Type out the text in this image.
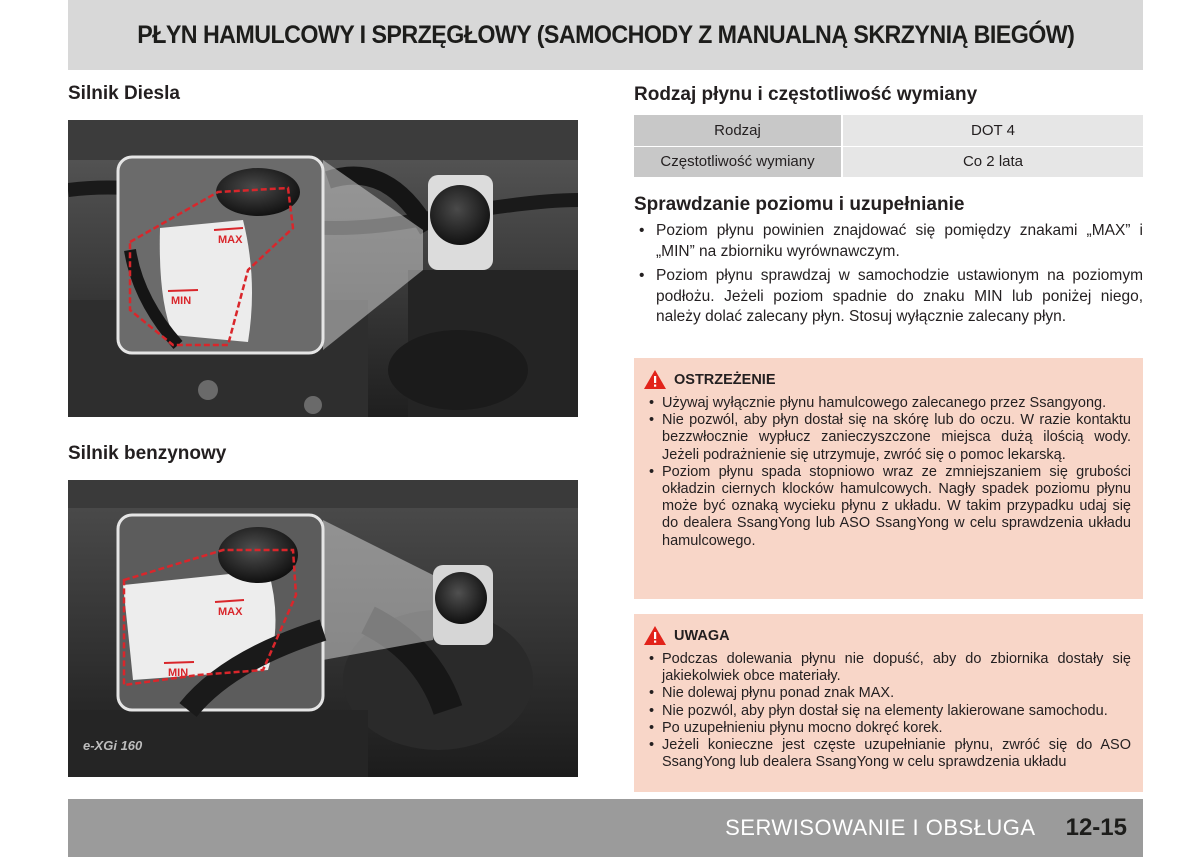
PŁYN HAMULCOWY I SPRZĘGŁOWY (SAMOCHODY Z MANUALNĄ SKRZYNIĄ BIEGÓW)
Silnik Diesla
MAX
MIN
Silnik benzynowy
e-XGi 160
MAX
MIN
Rodzaj płynu i częstotliwość wymiany
Rodzaj	DOT 4
Częstotliwość wymiany	Co 2 lata
Sprawdzanie poziomu i uzupełnianie
• Poziom płynu powinien znajdować się pomiędzy znakami „MAX” i „MIN” na zbiorniku wyrównawczym.
• Poziom płynu sprawdzaj w samochodzie ustawionym na poziomym podłożu. Jeżeli poziom spadnie do znaku MIN lub poniżej niego, należy dolać zalecany płyn. Stosuj wyłącznie zalecany płyn.
OSTRZEŻENIE
• Używaj wyłącznie płynu hamulcowego zalecanego przez Ssangyong.
• Nie pozwól, aby płyn dostał się na skórę lub do oczu. W razie kontaktu bezzwłocznie wypłucz zanieczyszczone miejsca dużą ilością wody. Jeżeli podrażnienie się utrzymuje, zwróć się o pomoc lekarską.
• Poziom płynu spada stopniowo wraz ze zmniejszaniem się grubości okładzin ciernych klocków hamulcowych. Nagły spadek poziomu płynu może być oznaką wycieku płynu z układu. W takim przypadku udaj się do dealera SsangYong lub ASO SsangYong w celu sprawdzenia układu hamulcowego.
UWAGA
• Podczas dolewania płynu nie dopuść, aby do zbiornika dostały się jakiekolwiek obce materiały.
• Nie dolewaj płynu ponad znak MAX.
• Nie pozwól, aby płyn dostał się na elementy lakierowane samochodu.
• Po uzupełnieniu płynu mocno dokręć korek.
• Jeżeli konieczne jest częste uzupełnianie płynu, zwróć się do ASO SsangYong lub dealera SsangYong w celu sprawdzenia układu
SERWISOWANIE I OBSŁUGA 12-15
